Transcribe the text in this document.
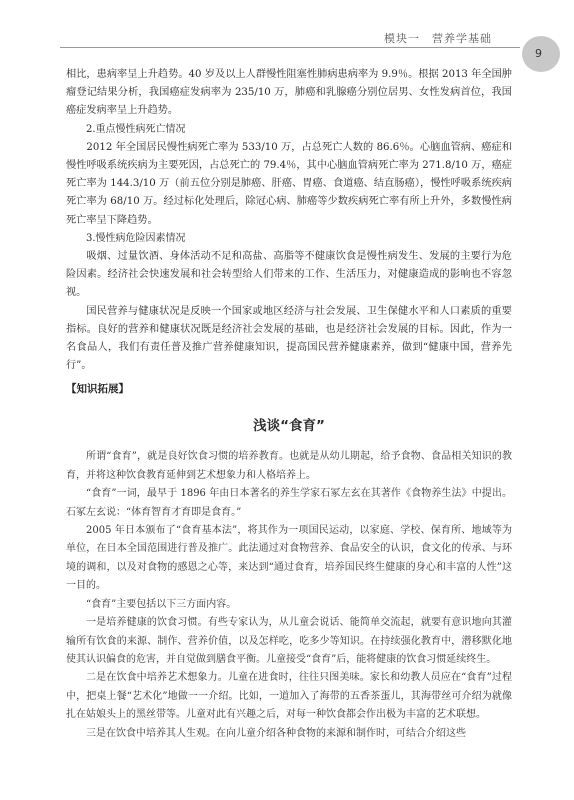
模块一　营养学基础
9

相比，患病率呈上升趋势。40 岁及以上人群慢性阻塞性肺病患病率为 9.9％。根据 2013 年全国肿瘤登记结果分析，我国癌症发病率为 235/10 万，肺癌和乳腺癌分别位居男、女性发病首位，我国癌症发病率呈上升趋势。

2.重点慢性病死亡情况

2012 年全国居民慢性病死亡率为 533/10 万，占总死亡人数的 86.6％。心脑血管病、癌症和慢性呼吸系统疾病为主要死因，占总死亡的 79.4％，其中心脑血管病死亡率为 271.8/10 万，癌症死亡率为 144.3/10 万（前五位分别是肺癌、肝癌、胃癌、食道癌、结直肠癌），慢性呼吸系统疾病死亡率为 68/10 万。经过标化处理后，除冠心病、肺癌等少数疾病死亡率有所上升外，多数慢性病死亡率呈下降趋势。

3.慢性病危险因素情况

吸烟、过量饮酒、身体活动不足和高盐、高脂等不健康饮食是慢性病发生、发展的主要行为危险因素。经济社会快速发展和社会转型给人们带来的工作、生活压力，对健康造成的影响也不容忽视。

国民营养与健康状况是反映一个国家或地区经济与社会发展、卫生保健水平和人口素质的重要指标。良好的营养和健康状况既是经济社会发展的基础，也是经济社会发展的目标。因此，作为一名食品人，我们有责任普及推广营养健康知识，提高国民营养健康素养，做到“健康中国，营养先行”。

【知识拓展】
浅谈“食育”

所谓“食育”，就是良好饮食习惯的培养教育。也就是从幼儿期起，给予食物、食品相关知识的教育，并将这种饮食教育延伸到艺术想象力和人格培养上。

“食育”一词，最早于 1896 年由日本著名的养生学家石冢左玄在其著作《食物养生法》中提出。石冢左玄说：“体育智育才育即是食育。”

2005 年日本颁布了“食育基本法”，将其作为一项国民运动，以家庭、学校、保育所、地域等为单位，在日本全国范围进行普及推广。此法通过对食物营养、食品安全的认识，食文化的传承、与环境的调和，以及对食物的感恩之心等，来达到“通过食育，培养国民终生健康的身心和丰富的人性”这一目的。

“食育”主要包括以下三方面内容。

一是培养健康的饮食习惯。有些专家认为，从儿童会说话、能简单交流起，就要有意识地向其灌输所有饮食的来源、制作、营养价值，以及怎样吃，吃多少等知识。在持续强化教育中，潜移默化地使其认识偏食的危害，并自觉做到膳食平衡。儿童接受“食育”后，能将健康的饮食习惯延续终生。

二是在饮食中培养艺术想象力。儿童在进食时，往往只图美味。家长和幼教人员应在“食育”过程中，把桌上餐“艺术化”地做一一介绍。比如，一道加入了海带的五香茶蛋儿，其海带丝可介绍为就像扎在姑娘头上的黑丝带等。儿童对此有兴趣之后，对每一种饮食都会作出极为丰富的艺术联想。

三是在饮食中培养其人生观。在向儿童介绍各种食物的来源和制作时，可结合介绍这些
